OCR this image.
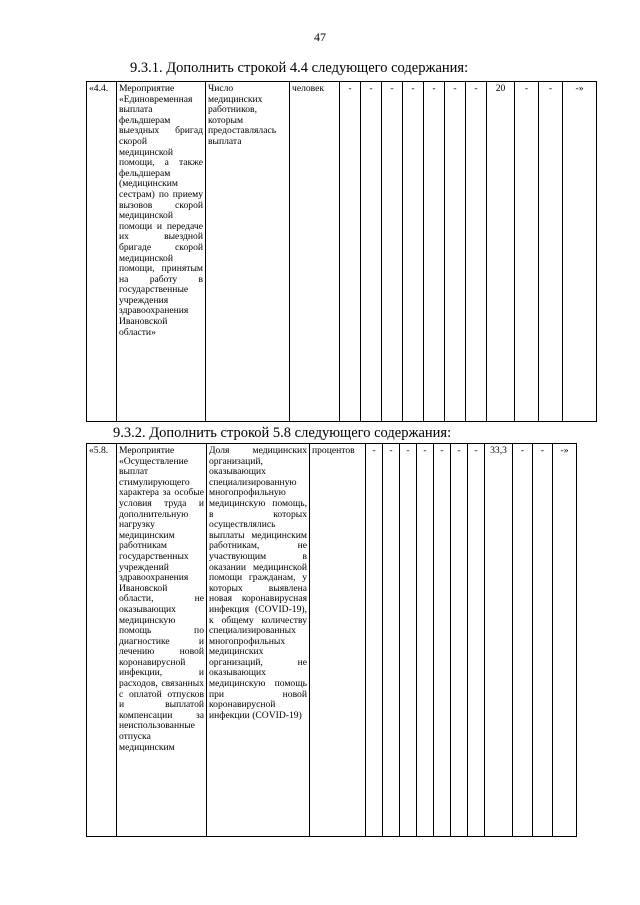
47
9.3.1. Дополнить строкой 4.4 следующего содержания:
«4.4.	Мероприятие «Единовременная выплата фельдшерам выездных бригад скорой медицинской помощи, а также фельдшерам (медицинским сестрам) по приему вызовов скорой медицинской помощи и передаче их выездной бригаде скорой медицинской помощи, принятым на работу в государственные учреждения здравоохранения Ивановской области»	Число медицинских работников, которым предоставлялась выплата	человек	-	-	-	-	-	-	-	20	-	-	-»
9.3.2. Дополнить строкой 5.8 следующего содержания:
«5.8.	Мероприятие «Осуществление выплат стимулирующего характера за особые условия труда и дополнительную нагрузку медицинским работникам государственных учреждений здравоохранения Ивановской области, не оказывающих медицинскую помощь по диагностике и лечению новой коронавирусной инфекции, и расходов, связанных с оплатой отпусков и выплатой компенсации за неиспользованные отпуска медицинским	Доля медицинских организаций, оказывающих специализированную многопрофильную медицинскую помощь, в которых осуществлялись выплаты медицинским работникам, не участвующим в оказании медицинской помощи гражданам, у которых выявлена новая коронавирусная инфекция (COVID-19), к общему количеству специализированных многопрофильных медицинских организаций, не оказывающих медицинскую помощь при новой коронавирусной инфекции (COVID-19)	процентов	-	-	-	-	-	-	-	33,3	-	-	-»
